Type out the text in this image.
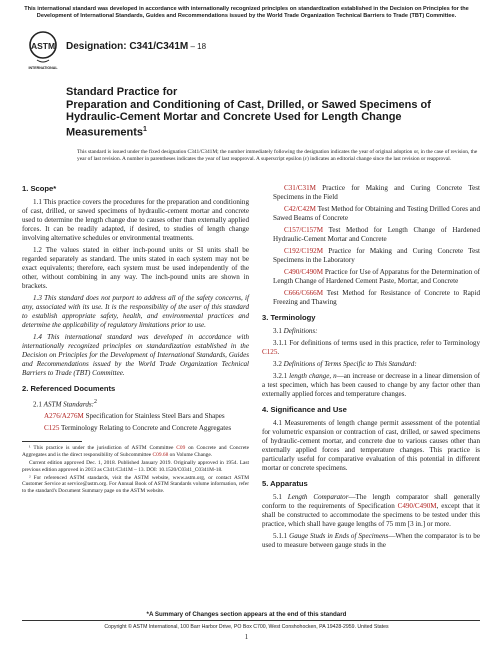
This international standard was developed in accordance with internationally recognized principles on standardization established in the Decision on Principles for the Development of International Standards, Guides and Recommendations issued by the World Trade Organization Technical Barriers to Trade (TBT) Committee.

ASTM
INTERNATIONAL

Designation: C341/C341M – 18

Standard Practice for

Preparation and Conditioning of Cast, Drilled, or Sawed Specimens of Hydraulic-Cement Mortar and Concrete Used for Length Change Measurements$^1$

This standard is issued under the fixed designation C341/C341M; the number immediately following the designation indicates the year of original adoption or, in the case of revision, the year of last revision. A number in parentheses indicates the year of last reapproval. A superscript epsilon (ε) indicates an editorial change since the last revision or reapproval.

1. Scope*

1.1 This practice covers the procedures for the preparation and conditioning of cast, drilled, or sawed specimens of hydraulic-cement mortar and concrete used to determine the length change due to causes other than externally applied forces. It can be readily adapted, if desired, to studies of length change involving alternative schedules or environmental treatments.

1.2 The values stated in either inch-pound units or SI units shall be regarded separately as standard. The units stated in each system may not be exact equivalents; therefore, each system must be used independently of the other, without combining in any way. The inch-pound units are shown in brackets.

1.3 This standard does not purport to address all of the safety concerns, if any, associated with its use. It is the responsibility of the user of this standard to establish appropriate safety, health, and environmental practices and determine the applicability of regulatory limitations prior to use.

1.4 This international standard was developed in accordance with internationally recognized principles on standardization established in the Decision on Principles for the Development of International Standards, Guides and Recommendations issued by the World Trade Organization Technical Barriers to Trade (TBT) Committee.

2. Referenced Documents

2.1 ASTM Standards:$^2$

A276/A276M Specification for Stainless Steel Bars and Shapes

C125 Terminology Relating to Concrete and Concrete Aggregates

¹ This practice is under the jurisdiction of ASTM Committee C09 on Concrete and Concrete Aggregates and is the direct responsibility of Subcommittee C09.68 on Volume Change.

Current edition approved Dec. 1, 2018. Published January 2019. Originally approved in 1954. Last previous edition approved in 2013 as C341/C341M – 13. DOI: 10.1520/C0341_C0341M-18.

² For referenced ASTM standards, visit the ASTM website, www.astm.org, or contact ASTM Customer Service at service@astm.org. For Annual Book of ASTM Standards volume information, refer to the standard's Document Summary page on the ASTM website.

C31/C31M Practice for Making and Curing Concrete Test Specimens in the Field

C42/C42M Test Method for Obtaining and Testing Drilled Cores and Sawed Beams of Concrete

C157/C157M Test Method for Length Change of Hardened Hydraulic-Cement Mortar and Concrete

C192/C192M Practice for Making and Curing Concrete Test Specimens in the Laboratory

C490/C490M Practice for Use of Apparatus for the Determination of Length Change of Hardened Cement Paste, Mortar, and Concrete

C666/C666M Test Method for Resistance of Concrete to Rapid Freezing and Thawing

3. Terminology

3.1 Definitions:

3.1.1 For definitions of terms used in this practice, refer to Terminology C125.

3.2 Definitions of Terms Specific to This Standard:

3.2.1 length change, n—an increase or decrease in a linear dimension of a test specimen, which has been caused to change by any factor other than externally applied forces and temperature changes.

4. Significance and Use

4.1 Measurements of length change permit assessment of the potential for volumetric expansion or contraction of cast, drilled, or sawed specimens of hydraulic-cement mortar, and concrete due to various causes other than externally applied forces and temperature changes. This practice is particularly useful for comparative evaluation of this potential in different mortar or concrete specimens.

5. Apparatus

5.1 Length Comparator—The length comparator shall generally conform to the requirements of Specification C490/C490M, except that it shall be constructed to accommodate the specimens to be tested under this practice, which shall have gauge lengths of 75 mm [3 in.] or more.

5.1.1 Gauge Studs in Ends of Specimens—When the comparator is to be used to measure between gauge studs in the

*A Summary of Changes section appears at the end of this standard

Copyright © ASTM International, 100 Barr Harbor Drive, PO Box C700, West Conshohocken, PA 19428-2959. United States

1
